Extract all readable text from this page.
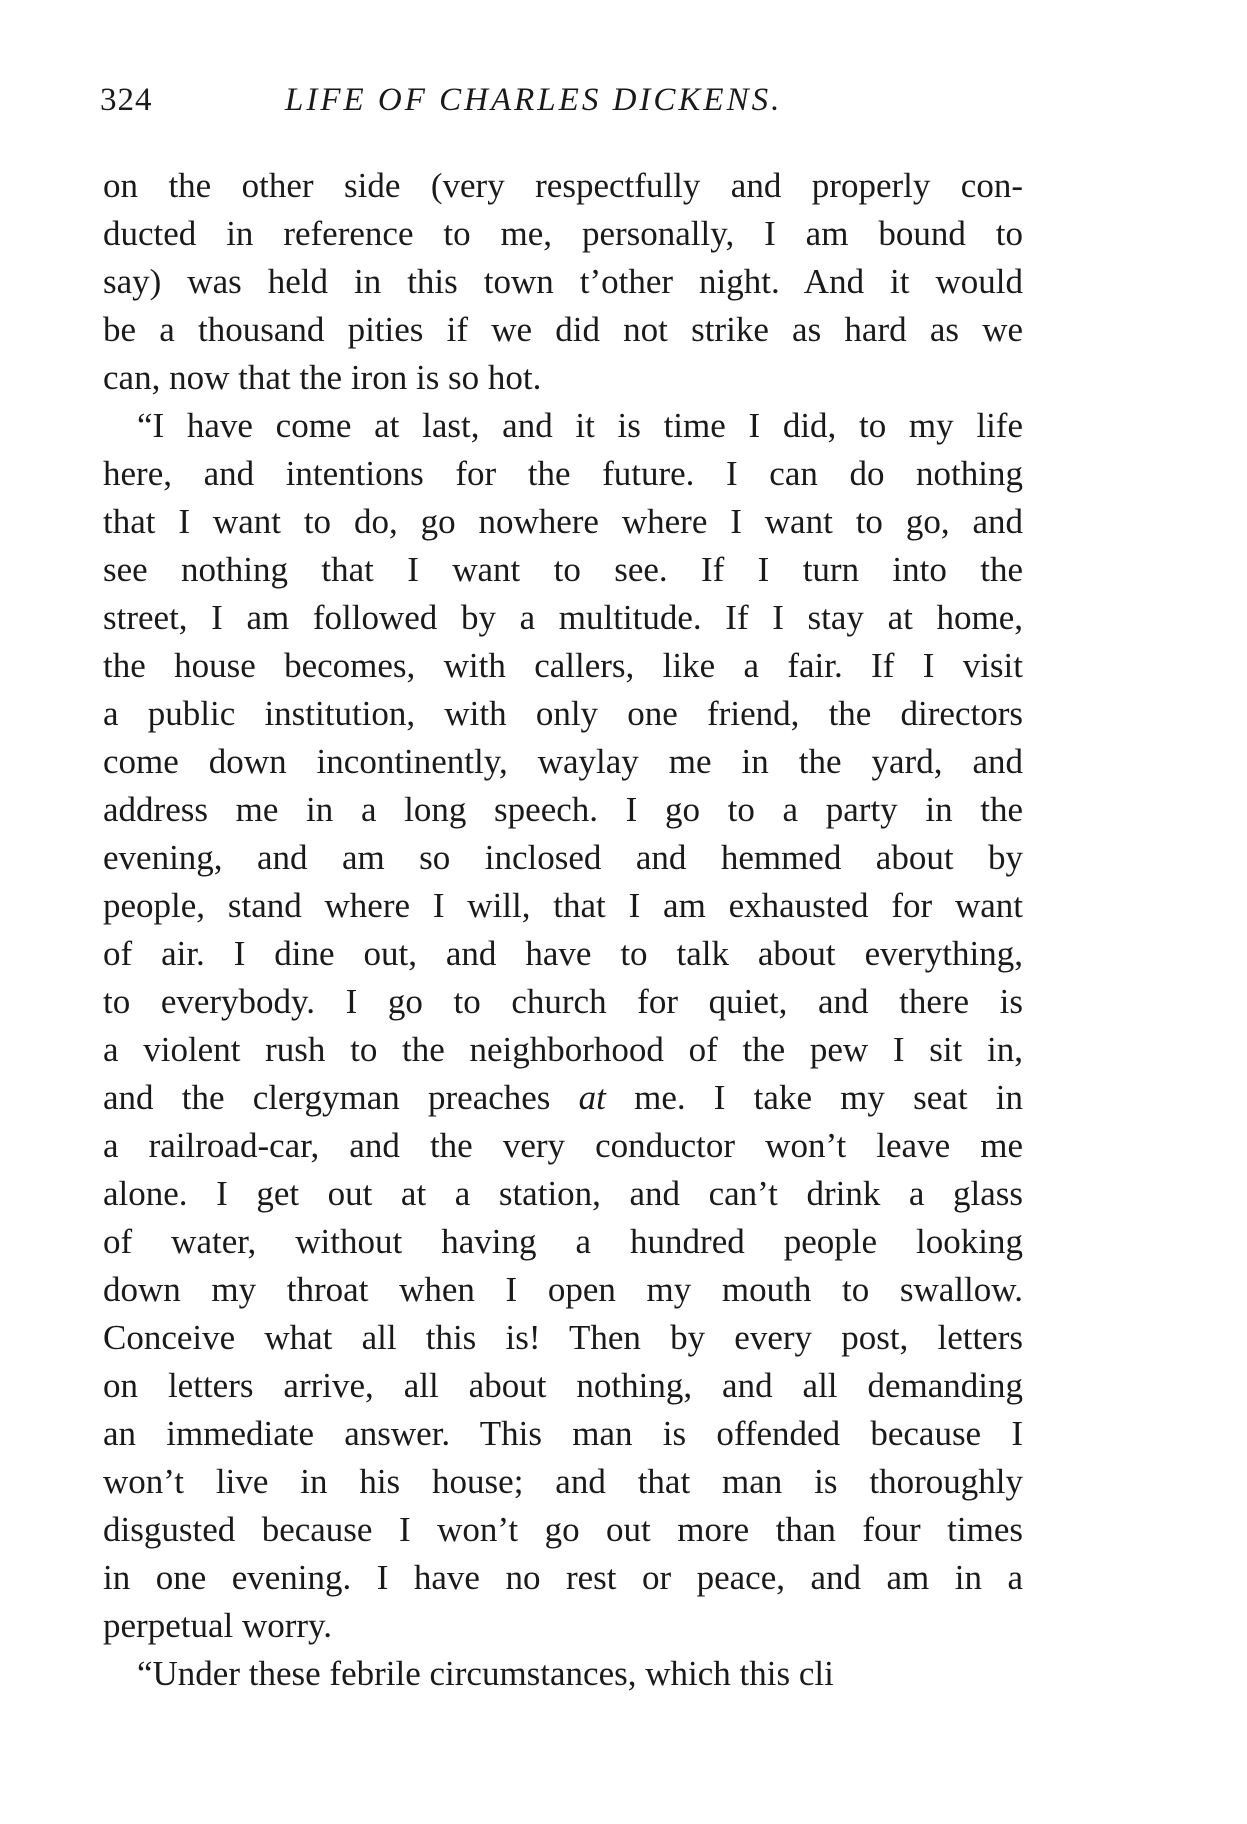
324	LIFE OF CHARLES DICKENS.
on the other side (very respectfully and properly con-
ducted in reference to me, personally, I am bound to
say) was held in this town t’other night. And it would
be a thousand pities if we did not strike as hard as we
can, now that the iron is so hot.
“I have come at last, and it is time I did, to my life
here, and intentions for the future. I can do nothing
that I want to do, go nowhere where I want to go, and
see nothing that I want to see. If I turn into the
street, I am followed by a multitude. If I stay at home,
the house becomes, with callers, like a fair. If I visit
a public institution, with only one friend, the directors
come down incontinently, waylay me in the yard, and
address me in a long speech. I go to a party in the
evening, and am so inclosed and hemmed about by
people, stand where I will, that I am exhausted for want
of air. I dine out, and have to talk about everything,
to everybody. I go to church for quiet, and there is
a violent rush to the neighborhood of the pew I sit in,
and the clergyman preaches at me. I take my seat in
a railroad-car, and the very conductor won’t leave me
alone. I get out at a station, and can’t drink a glass
of water, without having a hundred people looking
down my throat when I open my mouth to swallow.
Conceive what all this is! Then by every post, letters
on letters arrive, all about nothing, and all demanding
an immediate answer. This man is offended because I
won’t live in his house; and that man is thoroughly
disgusted because I won’t go out more than four times
in one evening. I have no rest or peace, and am in a
perpetual worry.
“Under these febrile circumstances, which this cli
